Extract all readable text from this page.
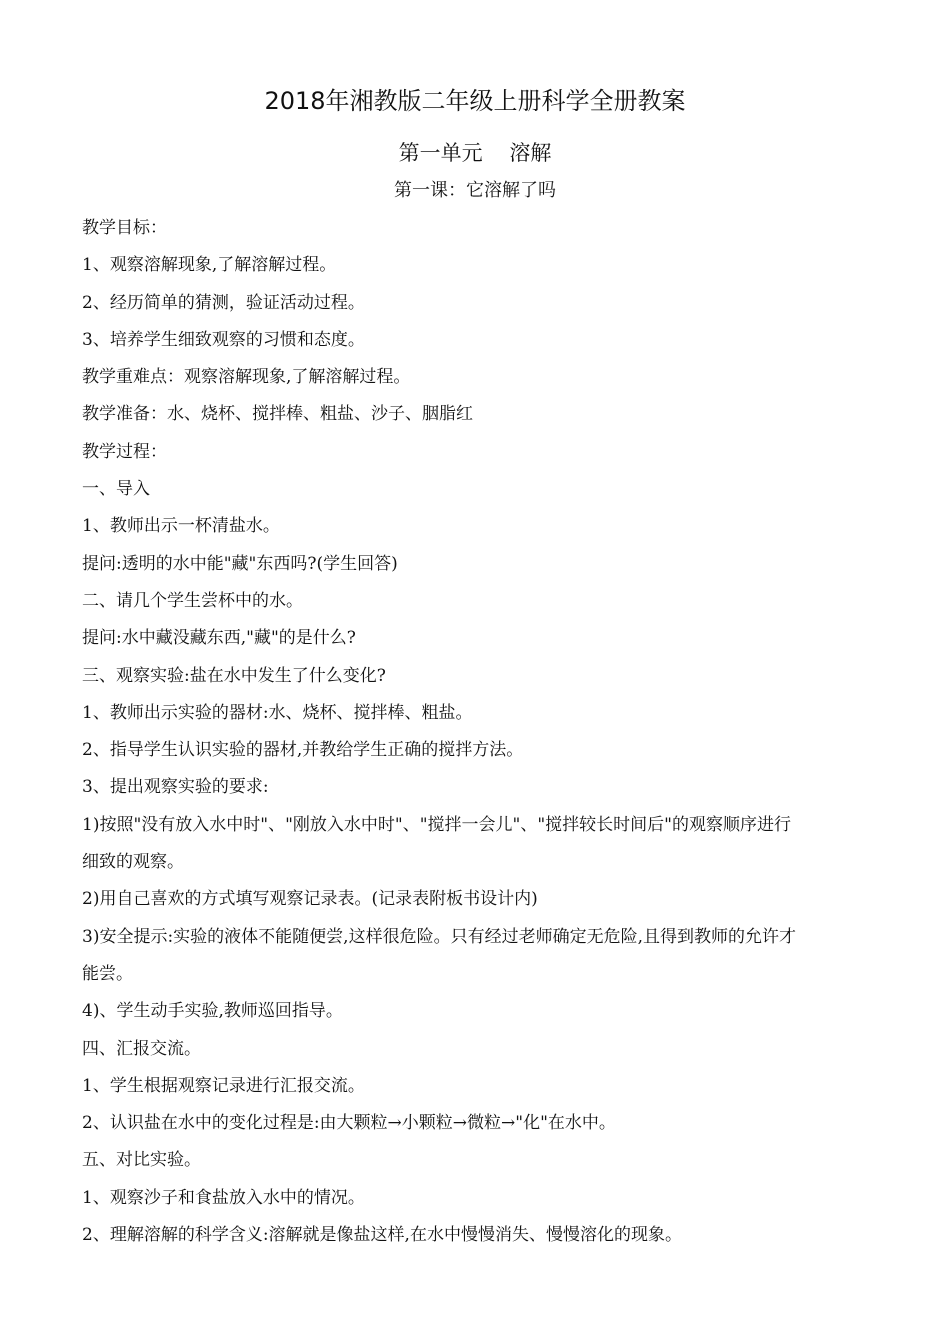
2018年湘教版二年级上册科学全册教案
第一单元    溶解
第一课：它溶解了吗
教学目标：
1、观察溶解现象,了解溶解过程。
2、经历简单的猜测，验证活动过程。
3、培养学生细致观察的习惯和态度。
教学重难点：观察溶解现象,了解溶解过程。
教学准备：水、烧杯、搅拌棒、粗盐、沙子、胭脂红
教学过程：
一、导入
1、教师出示一杯清盐水。
提问:透明的水中能"藏"东西吗?(学生回答)
二、请几个学生尝杯中的水。
提问:水中藏没藏东西,"藏"的是什么?
三、观察实验:盐在水中发生了什么变化?
1、教师出示实验的器材:水、烧杯、搅拌棒、粗盐。
2、指导学生认识实验的器材,并教给学生正确的搅拌方法。
3、提出观察实验的要求:
1)按照"没有放入水中时"、"刚放入水中时"、"搅拌一会儿"、"搅拌较长时间后"的观察顺序进行
细致的观察。
2)用自己喜欢的方式填写观察记录表。(记录表附板书设计内)
3)安全提示:实验的液体不能随便尝,这样很危险。只有经过老师确定无危险,且得到教师的允许才
能尝。
4)、学生动手实验,教师巡回指导。
四、汇报交流。
1、学生根据观察记录进行汇报交流。
2、认识盐在水中的变化过程是:由大颗粒→小颗粒→微粒→"化"在水中。
五、对比实验。
1、观察沙子和食盐放入水中的情况。
2、理解溶解的科学含义:溶解就是像盐这样,在水中慢慢消失、慢慢溶化的现象。
